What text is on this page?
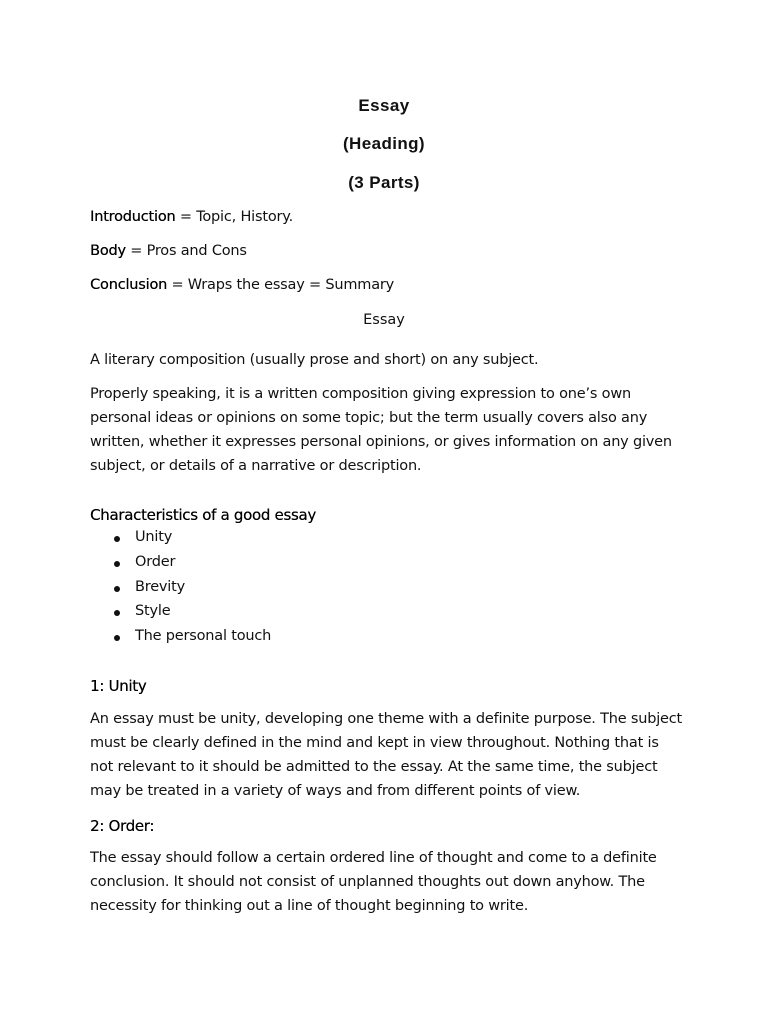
Essay
(Heading)
(3 Parts)
Introduction = Topic, History.
Body = Pros and Cons
Conclusion = Wraps the essay = Summary
Essay
A literary composition (usually prose and short) on any subject.
Properly speaking, it is a written composition giving expression to one’s own
personal ideas or opinions on some topic; but the term usually covers also any
written, whether it expresses personal opinions, or gives information on any given
subject, or details of a narrative or description.
Characteristics of a good essay
Unity
Order
Brevity
Style
The personal touch
1: Unity
An essay must be unity, developing one theme with a definite purpose. The subject
must be clearly defined in the mind and kept in view throughout. Nothing that is
not relevant to it should be admitted to the essay. At the same time, the subject
may be treated in a variety of ways and from different points of view.
2: Order:
The essay should follow a certain ordered line of thought and come to a definite
conclusion. It should not consist of unplanned thoughts out down anyhow. The
necessity for thinking out a line of thought beginning to write.
